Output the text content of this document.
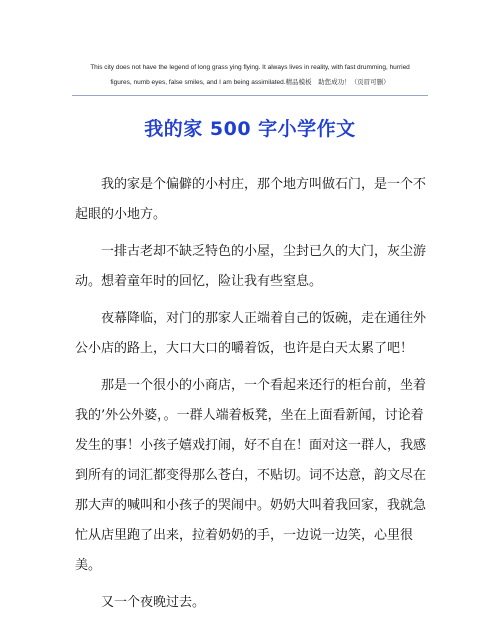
This city does not have the legend of long grass ying flying. It always lives in reality, with fast drumming, hurried
figures, numb eyes, false smiles, and I am being assimilated.精品模板　助您成功！（页眉可删）
我的家 500 字小学作文

我的家是个偏僻的小村庄，那个地方叫做石门，是一个不起眼的小地方。

一排古老却不缺乏特色的小屋，尘封已久的大门，灰尘游动。想着童年时的回忆，险让我有些窒息。

夜幕降临，对门的那家人正端着自己的饭碗，走在通往外公小店的路上，大口大口的嚼着饭，也许是白天太累了吧！

那是一个很小的小商店，一个看起来还行的柜台前，坐着我的’外公外婆，。一群人端着板凳，坐在上面看新闻，讨论着发生的事！小孩子嬉戏打闹，好不自在！面对这一群人，我感到所有的词汇都变得那么苍白，不贴切。词不达意，韵文尽在那大声的喊叫和小孩子的哭闹中。奶奶大叫着我回家，我就急忙从店里跑了出来，拉着奶奶的手，一边说一边笑，心里很美。

又一个夜晚过去。
